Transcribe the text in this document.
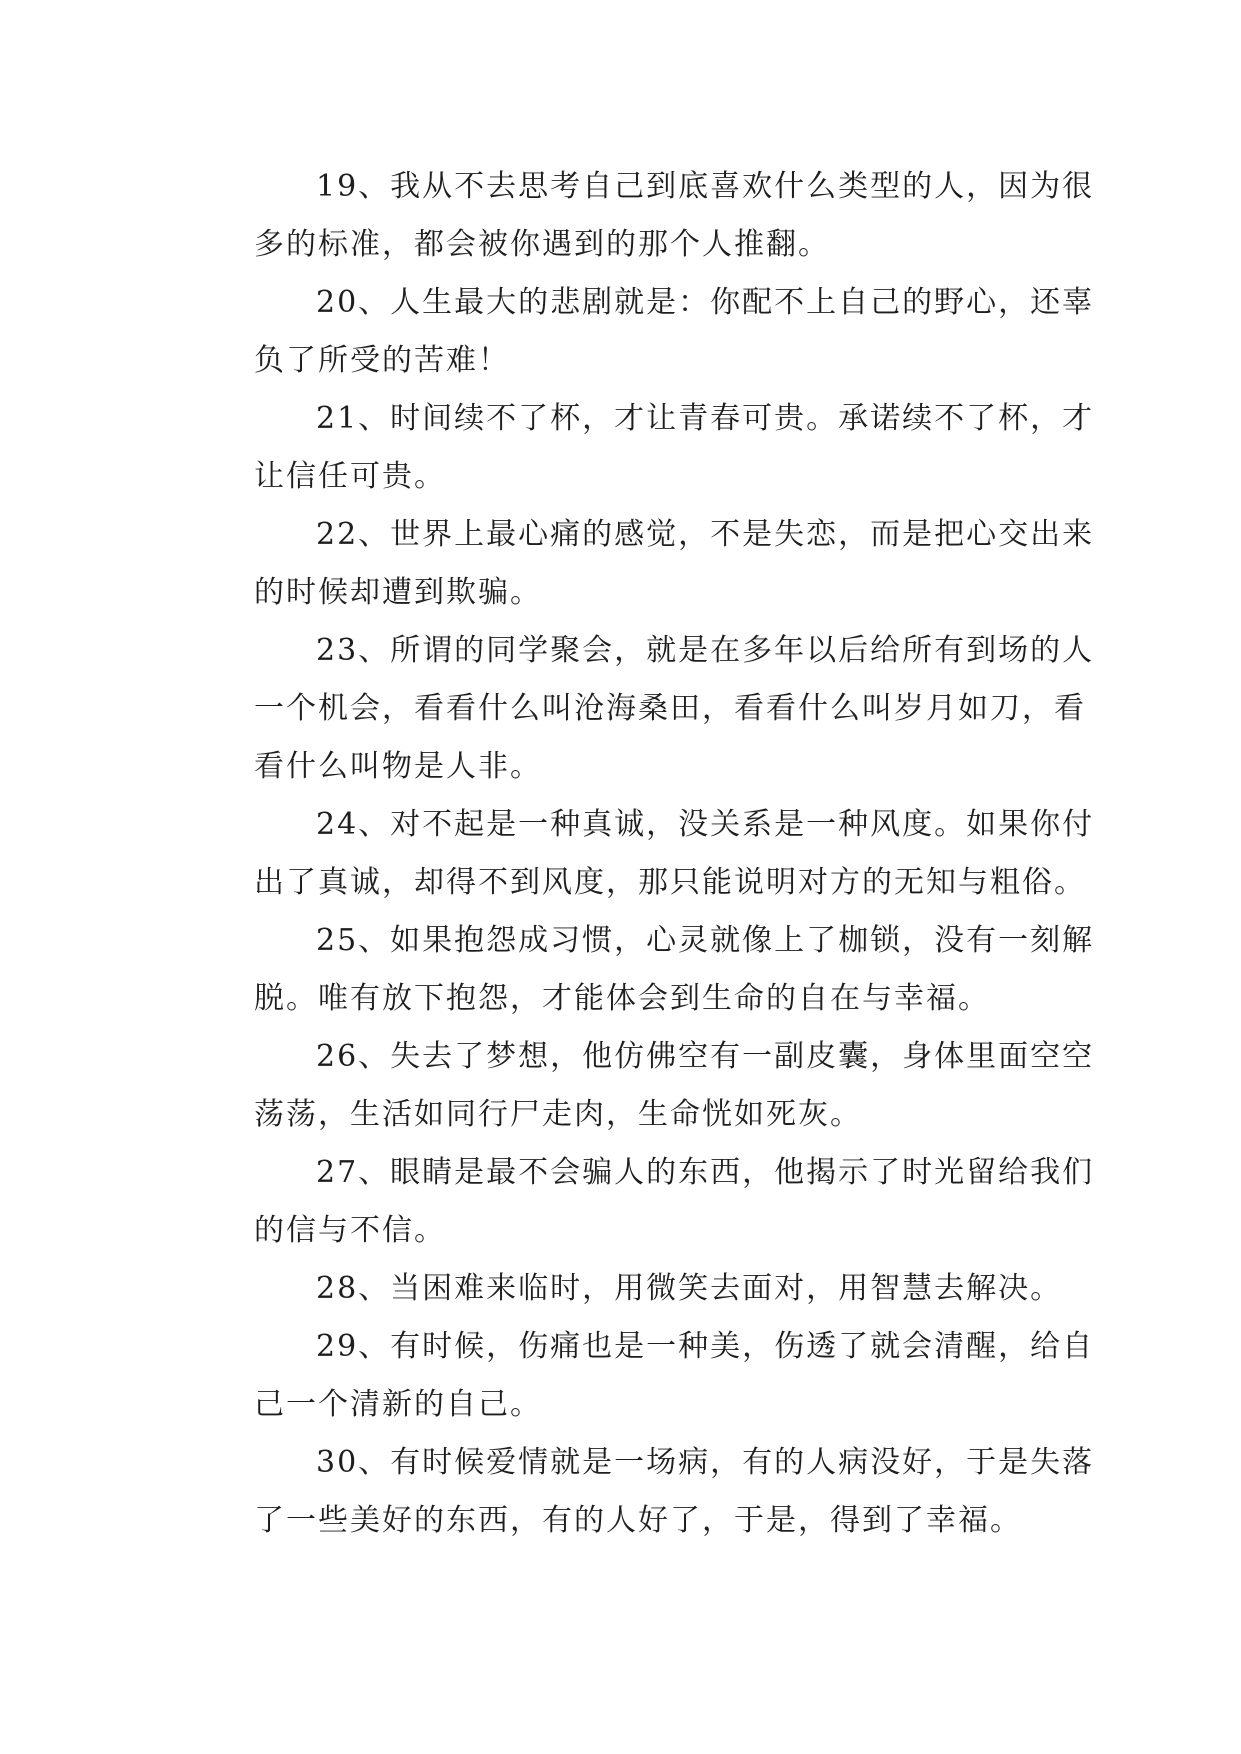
19、我从不去思考自己到底喜欢什么类型的人，因为很
多的标准，都会被你遇到的那个人推翻。
20、人生最大的悲剧就是：你配不上自己的野心，还辜
负了所受的苦难！
21、时间续不了杯，才让青春可贵。承诺续不了杯，才
让信任可贵。
22、世界上最心痛的感觉，不是失恋，而是把心交出来
的时候却遭到欺骗。
23、所谓的同学聚会，就是在多年以后给所有到场的人
一个机会，看看什么叫沧海桑田，看看什么叫岁月如刀，看
看什么叫物是人非。
24、对不起是一种真诚，没关系是一种风度。如果你付
出了真诚，却得不到风度，那只能说明对方的无知与粗俗。
25、如果抱怨成习惯，心灵就像上了枷锁，没有一刻解
脱。唯有放下抱怨，才能体会到生命的自在与幸福。
26、失去了梦想，他仿佛空有一副皮囊，身体里面空空
荡荡，生活如同行尸走肉，生命恍如死灰。
27、眼睛是最不会骗人的东西，他揭示了时光留给我们
的信与不信。
28、当困难来临时，用微笑去面对，用智慧去解决。
29、有时候，伤痛也是一种美，伤透了就会清醒，给自
己一个清新的自己。
30、有时候爱情就是一场病，有的人病没好，于是失落
了一些美好的东西，有的人好了，于是，得到了幸福。
